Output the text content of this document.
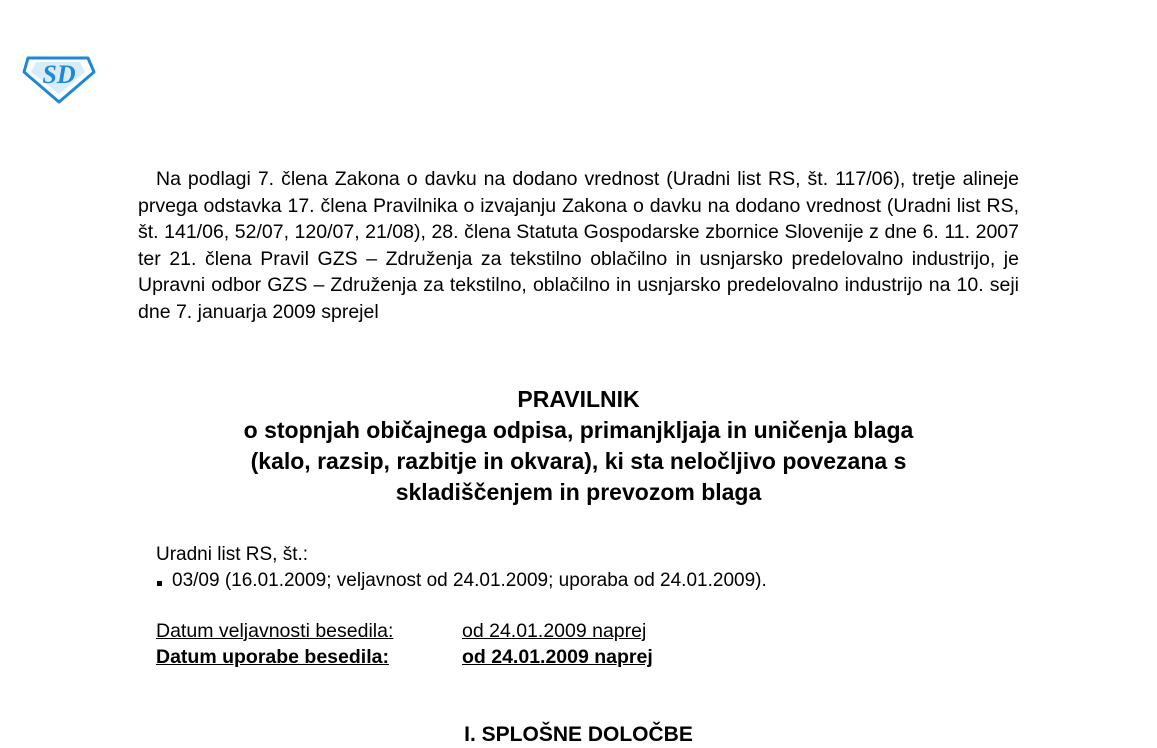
SD
Na podlagi 7. člena Zakona o davku na dodano vrednost (Uradni list RS, št. 117/06), tretje alineje prvega odstavka 17. člena Pravilnika o izvajanju Zakona o davku na dodano vrednost (Uradni list RS, št. 141/06, 52/07, 120/07, 21/08), 28. člena Statuta Gospodarske zbornice Slovenije z dne 6. 11. 2007 ter 21. člena Pravil GZS – Združenja za tekstilno oblačilno in usnjarsko predelovalno industrijo, je Upravni odbor GZS – Združenja za tekstilno, oblačilno in usnjarsko predelovalno industrijo na 10. seji dne 7. januarja 2009 sprejel
PRAVILNIK
o stopnjah običajnega odpisa, primanjkljaja in uničenja blaga
(kalo, razsip, razbitje in okvara), ki sta neločljivo povezana s
skladiščenjem in prevozom blaga
Uradni list RS, št.:
03/09 (16.01.2009; veljavnost od 24.01.2009; uporaba od 24.01.2009).
Datum veljavnosti besedila:	od 24.01.2009 naprej
Datum uporabe besedila:	od 24.01.2009 naprej
I. SPLOŠNE DOLOČBE
